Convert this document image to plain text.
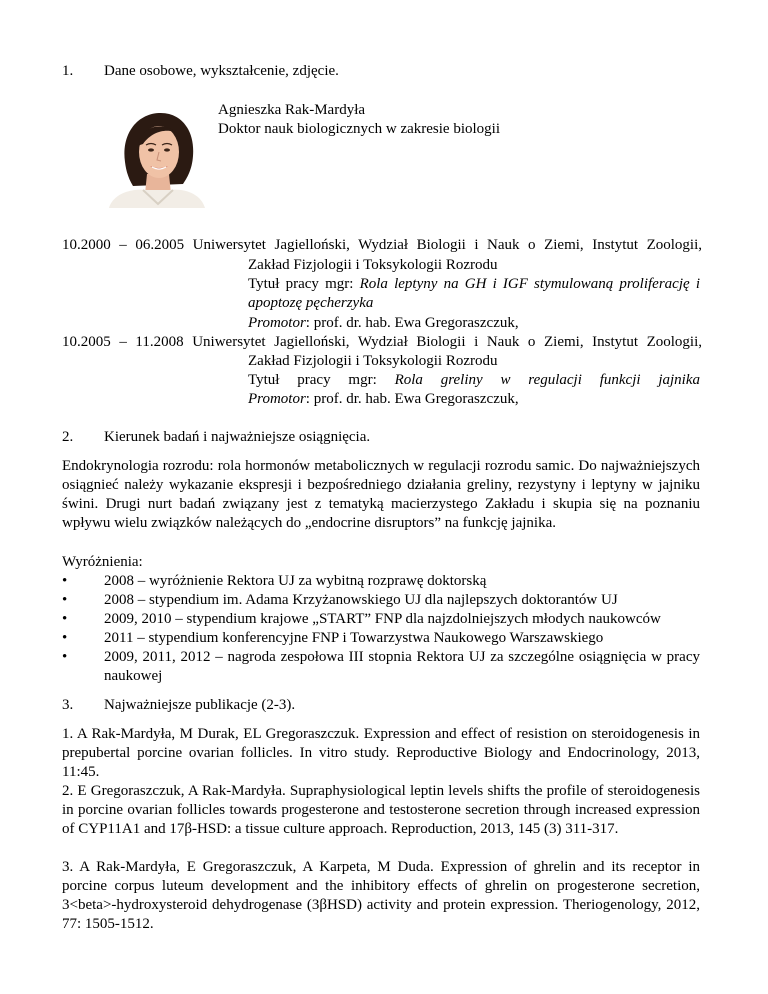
1. Dane osobowe, wykształcenie, zdjęcie.
Agnieszka Rak-Mardyła
Doktor nauk biologicznych w zakresie biologii
10.2000 – 06.2005 Uniwersytet Jagielloński, Wydział Biologii i Nauk o Ziemi, Instytut Zoologii,
Zakład Fizjologii i Toksykologii Rozrodu
Tytuł pracy mgr: Rola leptyny na GH i IGF stymulowaną proliferację i apoptozę pęcherzyka
Promotor: prof. dr. hab. Ewa Gregoraszczuk,
10.2005 – 11.2008 Uniwersytet Jagielloński, Wydział Biologii i Nauk o Ziemi, Instytut Zoologii,
Zakład Fizjologii i Toksykologii Rozrodu
Tytuł pracy mgr: Rola greliny w regulacji funkcji jajnika
Promotor: prof. dr. hab. Ewa Gregoraszczuk,
2. Kierunek badań i najważniejsze osiągnięcia.
Endokrynologia rozrodu: rola hormonów metabolicznych w regulacji rozrodu samic. Do najważniejszych osiągnieć należy wykazanie ekspresji i bezpośredniego działania greliny, rezystyny i leptyny w jajniku świni. Drugi nurt badań związany jest z tematyką macierzystego Zakładu i skupia się na poznaniu wpływu wielu związków należących do „endocrine disruptors” na funkcję jajnika.
Wyróżnienia:
• 2008 – wyróżnienie Rektora UJ za wybitną rozprawę doktorską
• 2008 – stypendium im. Adama Krzyżanowskiego UJ dla najlepszych doktorantów UJ
• 2009, 2010 – stypendium krajowe „START” FNP dla najzdolniejszych młodych naukowców
• 2011 – stypendium konferencyjne FNP i Towarzystwa Naukowego Warszawskiego
• 2009, 2011, 2012 – nagroda zespołowa III stopnia Rektora UJ za szczególne osiągnięcia w pracy naukowej
3. Najważniejsze publikacje (2-3).
1. A Rak-Mardyła, M Durak, EL Gregoraszczuk. Expression and effect of resistion on steroidogenesis in prepubertal porcine ovarian follicles. In vitro study. Reproductive Biology and Endocrinology, 2013, 11:45.
2. E Gregoraszczuk, A Rak-Mardyła. Supraphysiological leptin levels shifts the profile of steroidogenesis in porcine ovarian follicles towards progesterone and testosterone secretion through increased expression of CYP11A1 and 17β-HSD: a tissue culture approach. Reproduction, 2013, 145 (3) 311-317.
3. A Rak-Mardyła, E Gregoraszczuk, A Karpeta, M Duda. Expression of ghrelin and its receptor in porcine corpus luteum development and the inhibitory effects of ghrelin on progesterone secretion, 3<beta>-hydroxysteroid dehydrogenase (3βHSD) activity and protein expression. Theriogenology, 2012, 77: 1505-1512.
